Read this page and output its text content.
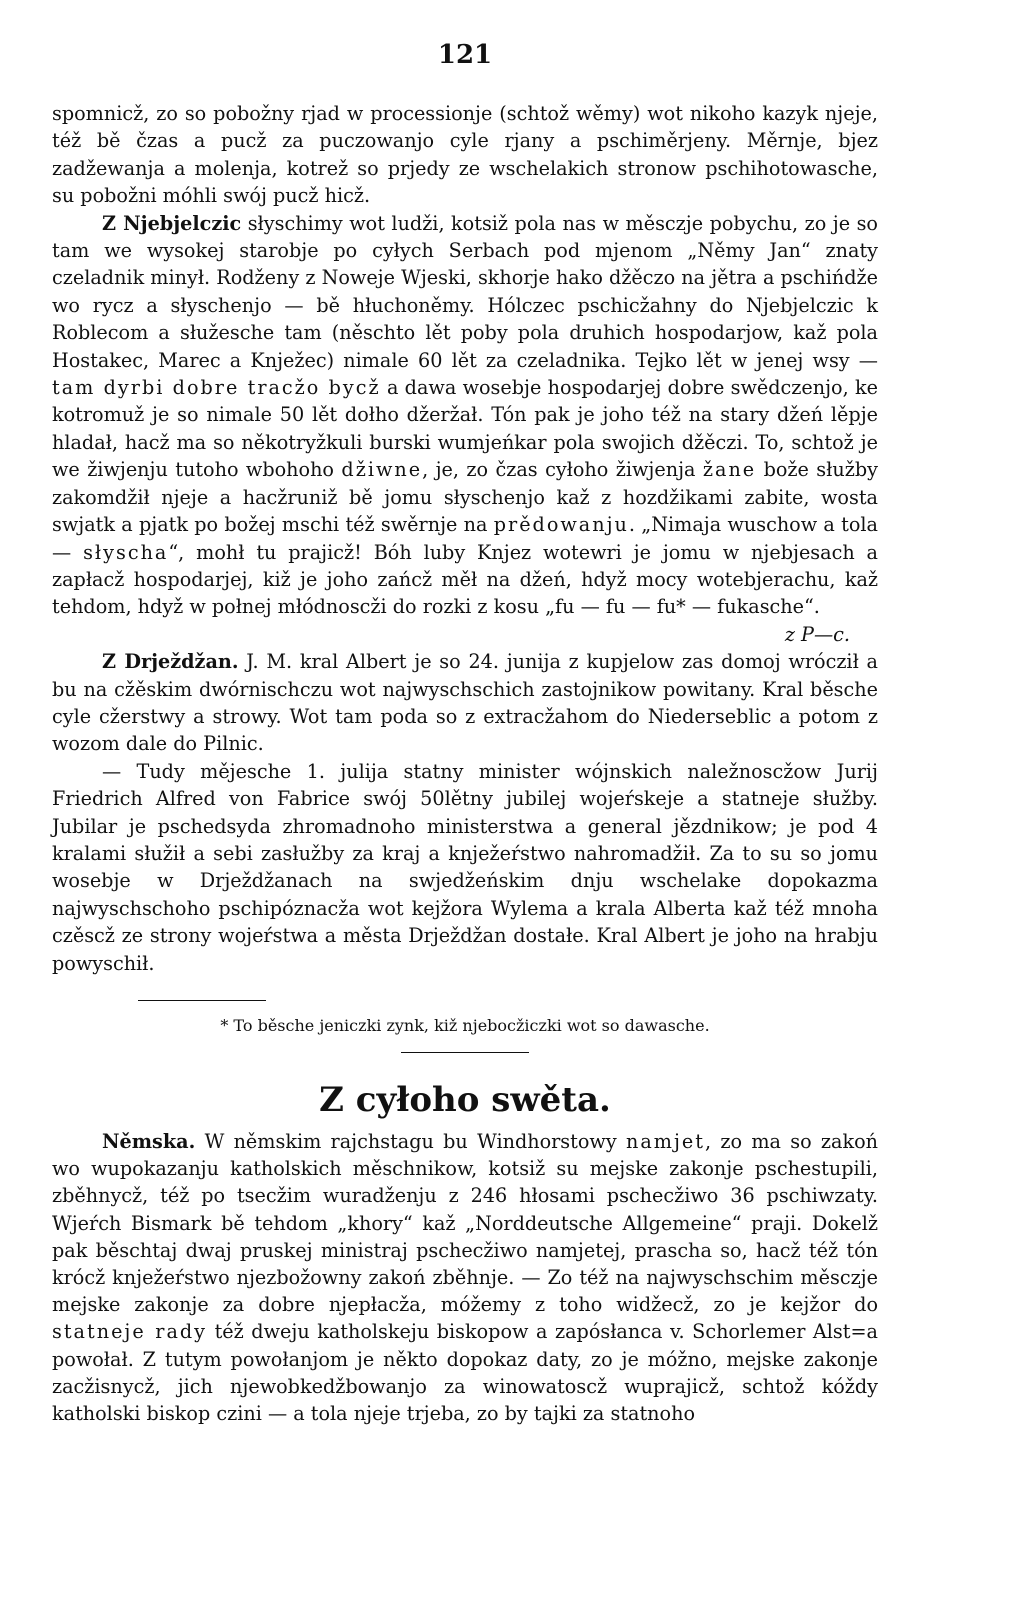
121

spomnicž, zo so pobožny rjad w processionje (schtož wěmy) wot nikoho kazyk njeje, též bě čzas a pucž za puczowanjo cyle rjany a pschiměrjeny. Měrnje, bjez zadžewanja a molenja, kotrež so prjedy ze wschelakich stronow pschihotowasche, su pobožni móhli swój pucž hicž.

Z Njebjelczic słyschimy wot ludži, kotsiž pola nas w měsczje pobychu, zo je so tam we wysokej starobje po cyłych Serbach pod mjenom „Němy Jan“ znaty czeladnik minył. Rodženy z Noweje Wjeski, skhorje hako džěczo na jětra a pschińdže wo rycz a słyschenjo — bě hłuchoněmy. Hólczec pschicžahny do Njebjelczic k Roblecom a słužesche tam (něschto lět poby pola druhich hospodarjow, kaž pola Hostakec, Marec a Knježec) nimale 60 lět za czeladnika. Tejko lět w jenej wsy — tam dyrbi dobre tracžo bycž a dawa wosebje hospodarjej dobre swědczenjo, ke kotromuž je so nimale 50 lět dołho džeržał. Tón pak je joho též na stary džeń lěpje hladał, hacž ma so někotryžkuli burski wumjeńkar pola swojich džěczi. To, schtož je we žiwjenju tutoho wbohoho džiwne, je, zo čzas cyłoho žiwjenja žane bože słužby zakomdžił njeje a hacžruniž bě jomu słyschenjo kaž z hozdžikami zabite, wosta swjatk a pjatk po božej mschi též swěrnje na prědowanju. „Nimaja wuschow a tola — słyscha“, mohł tu prajicž! Bóh luby Knjez wotewri je jomu w njebjesach a zapłacž hospodarjej, kiž je joho zańcž měł na džeń, hdyž mocy wotebjerachu, kaž tehdom, hdyž w połnej młódnoscži do rozki z kosu „fu — fu — fu* — fukasche“.
z P—c.

Z Drježdžan. J. M. kral Albert je so 24. junija z kupjelow zas domoj wrócził a bu na cžěskim dwórnischczu wot najwyschschich zastojnikow powitany. Kral běsche cyle cžerstwy a strowy. Wot tam poda so z extracžahom do Niederseblic a potom z wozom dale do Pilnic.

— Tudy mějesche 1. julija statny minister wójnskich naležnoscžow Jurij Friedrich Alfred von Fabrice swój 50lětny jubilej wojeŕskeje a statneje słužby. Jubilar je pschedsyda zhromadnoho ministerstwa a general jězdnikow; je pod 4 kralami słužił a sebi zasłužby za kraj a knježeŕstwo nahromadžił. Za to su so jomu wosebje w Drježdžanach na swjedžeńskim dnju wschelake dopokazma najwyschschoho pschipóznacža wot kejžora Wylema a krala Alberta kaž též mnoha czěscž ze strony wojeŕstwa a města Drježdžan dostałe. Kral Albert je joho na hrabju powyschił.

* To běsche jeniczki zynk, kiž njebocžiczki wot so dawasche.
Z cyłoho swěta.

Němska. W němskim rajchstagu bu Windhorstowy namjet, zo ma so zakoń wo wupokazanju katholskich měschnikow, kotsiž su mejske zakonje pschestupili, zběhnycž, též po tsecžim wuradženju z 246 hłosami pschecžiwo 36 pschiwzaty. Wjeŕch Bismark bě tehdom „khory“ kaž „Norddeutsche Allgemeine“ praji. Dokelž pak běschtaj dwaj pruskej ministraj pschecžiwo namjetej, prascha so, hacž též tón krócž knježeŕstwo njezbožowny zakoń zběhnje. — Zo též na najwyschschim měsczje mejske zakonje za dobre njepłacža, móžemy z toho widžecž, zo je kejžor do statneje rady též dweju katholskeju biskopow a zapósłanca v. Schorlemer Alst=a powołał. Z tutym powołanjom je někto dopokaz daty, zo je móžno, mejske zakonje zacžisnycž, jich njewobkedžbowanjo za winowatoscž wuprajicž, schtož kóždy katholski biskop czini — a tola njeje trjeba, zo by tajki za statnoho
